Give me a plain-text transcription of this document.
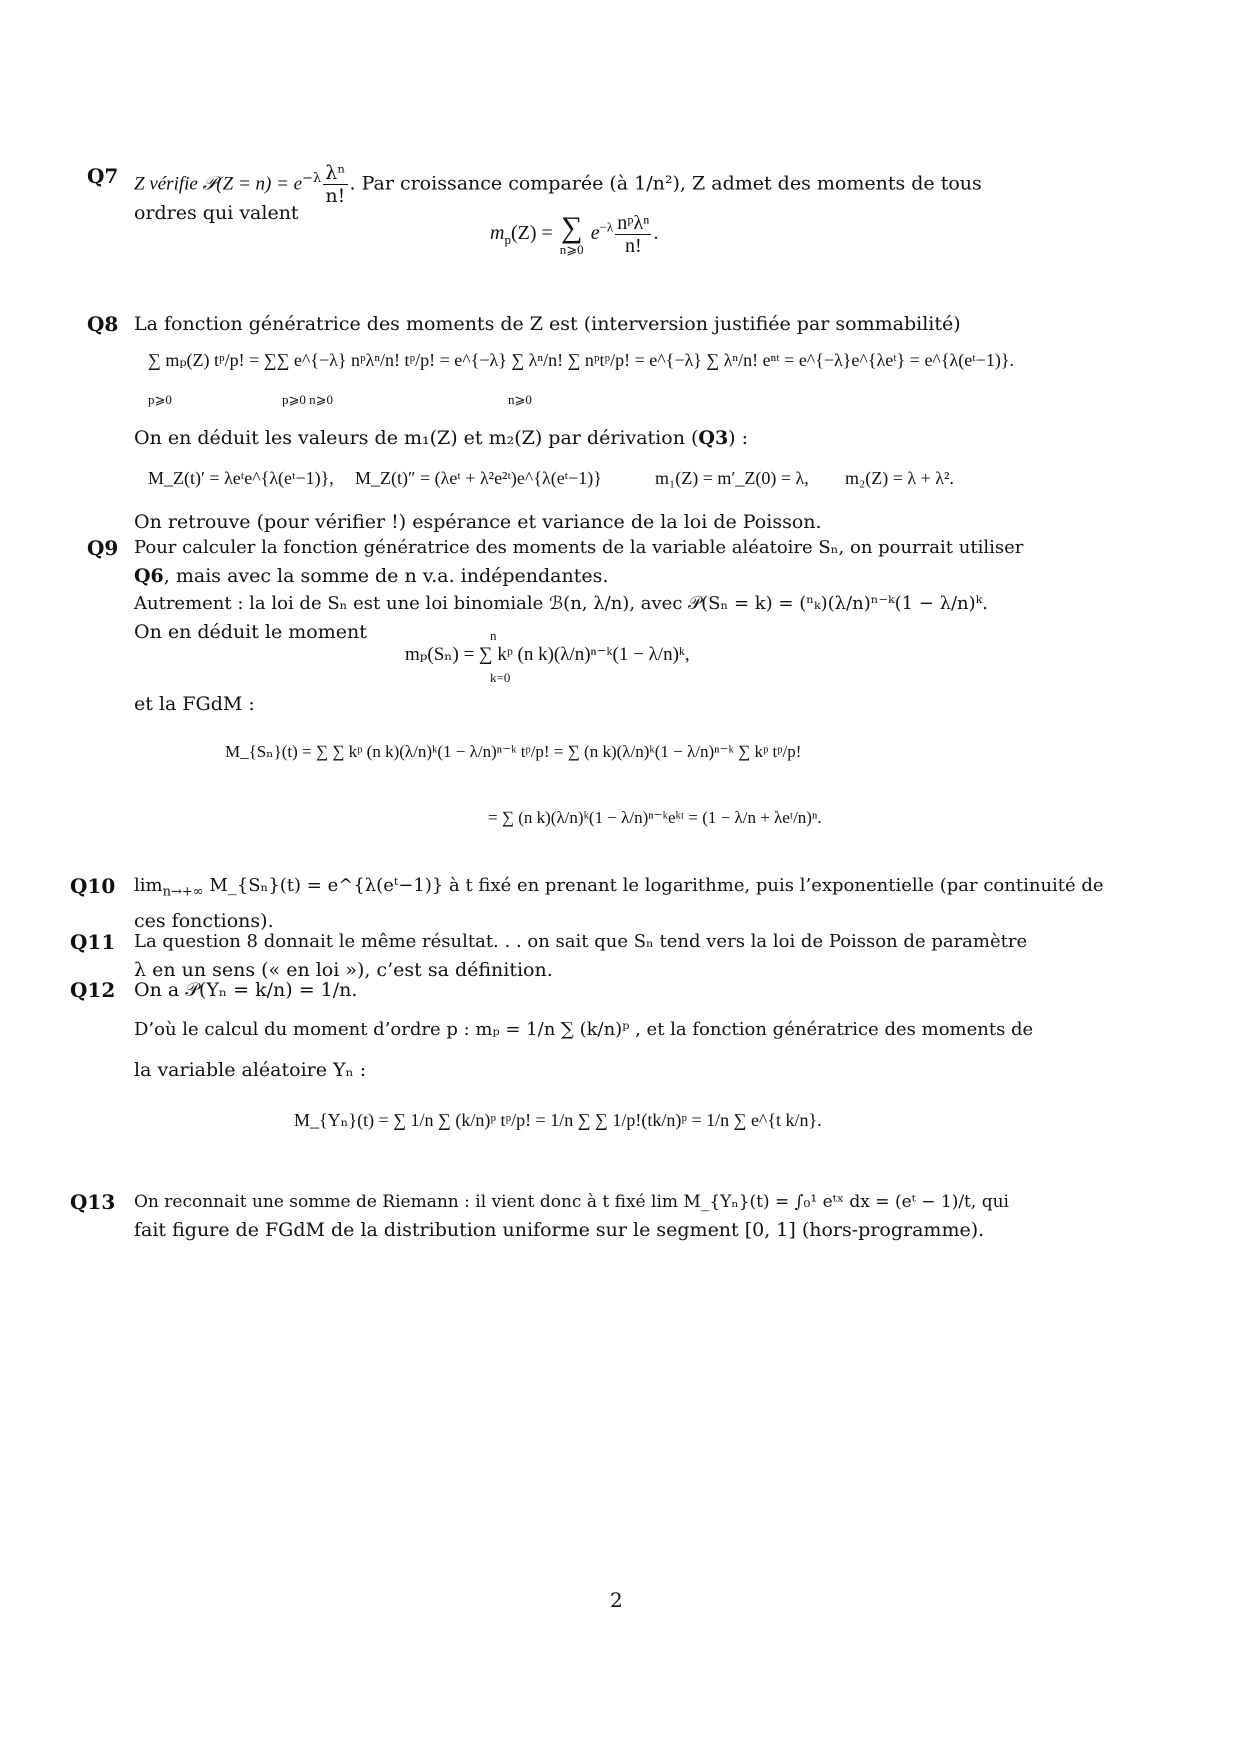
Q7 Z vérifie 𝒫(Z = $n) = e^{-\lambda} \frac{\text{λⁿ}}{n!}$ . Par croissance comparée (à 1/n²), Z admet des moments de tous
ordres qui valent
$m_p(Z)$ = ∑
n⩾0
$e^{-\lambda} \frac{\text{nᵖλⁿ}}{n!}$ .
Q8 La fonction génératrice des moments de Z est (interversion justifiée par sommabilité)
∑ mₚ(Z) tᵖ/p! = ∑∑ e^{−λ} nᵖλⁿ/n! tᵖ/p! = e^{−λ} ∑ λⁿ/n! ∑ nᵖtᵖ/p! = e^{−λ} ∑ λⁿ/n! eⁿᵗ = e^{−λ}e^{λeᵗ} = e^{λ(eᵗ−1)}.
p⩾0	p⩾0 n⩾0	n⩾0
On en déduit les valeurs de m₁(Z) et m₂(Z) par dérivation (Q3) :
M_Z(t)′ = λeᵗe^{λ(eᵗ−1)}, M_Z(t)″ = (λeᵗ + λ²e²ᵗ)e^{λ(eᵗ−1)}	m₁(Z) = m′_Z(0) = λ, m₂(Z) = λ + λ².
On retrouve (pour vérifier !) espérance et variance de la loi de Poisson.
Q9 Pour calculer la fonction génératrice des moments de la variable aléatoire Sₙ, on pourrait utiliser
Q6, mais avec la somme de n v.a. indépendantes.
Autrement : la loi de Sₙ est une loi binomiale ℬ(n, λ/n), avec 𝒫(Sₙ = k) = (ⁿₖ)(λ/n)ⁿ⁻ᵏ(1 − λ/n)ᵏ.
On en déduit le moment	n
mₚ(Sₙ) = ∑ kᵖ (n k)(λ/n)ⁿ⁻ᵏ(1 − λ/n)ᵏ,
k=0
et la FGdM :
M_{Sₙ}(t) = ∑ ∑ kᵖ (n k)(λ/n)ᵏ(1 − λ/n)ⁿ⁻ᵏ tᵖ/p! = ∑ (n k)(λ/n)ᵏ(1 − λ/n)ⁿ⁻ᵏ ∑ kᵖ tᵖ/p!
= ∑ (n k)(λ/n)ᵏ(1 − λ/n)ⁿ⁻ᵏeᵏᵗ = (1 − λ/n + λeᵗ/n)ⁿ.
Q10 $\lim_{n\to+\infty}$ M_{Sₙ}(t) = e^{λ(eᵗ−1)} à t fixé en prenant le logarithme, puis l’exponentielle (par continuité de
ces fonctions).
Q11 La question 8 donnait le même résultat. . . on sait que Sₙ tend vers la loi de Poisson de paramètre
λ en un sens (« en loi »), c’est sa définition.
Q12 On a 𝒫(Yₙ = k/n) = 1/n.
D’où le calcul du moment d’ordre p : mₚ = 1/n ∑ (k/n)ᵖ , et la fonction génératrice des moments de
la variable aléatoire Yₙ :
M_{Yₙ}(t) = ∑ 1/n ∑ (k/n)ᵖ tᵖ/p! = 1/n ∑ ∑ 1/p!(tk/n)ᵖ = 1/n ∑ e^{t k/n}.
Q13 On reconnait une somme de Riemann : il vient donc à t fixé lim M_{Yₙ}(t) = ∫₀¹ eᵗˣ dx = (eᵗ − 1)/t, qui
fait figure de FGdM de la distribution uniforme sur le segment [0, 1] (hors-programme).
2
